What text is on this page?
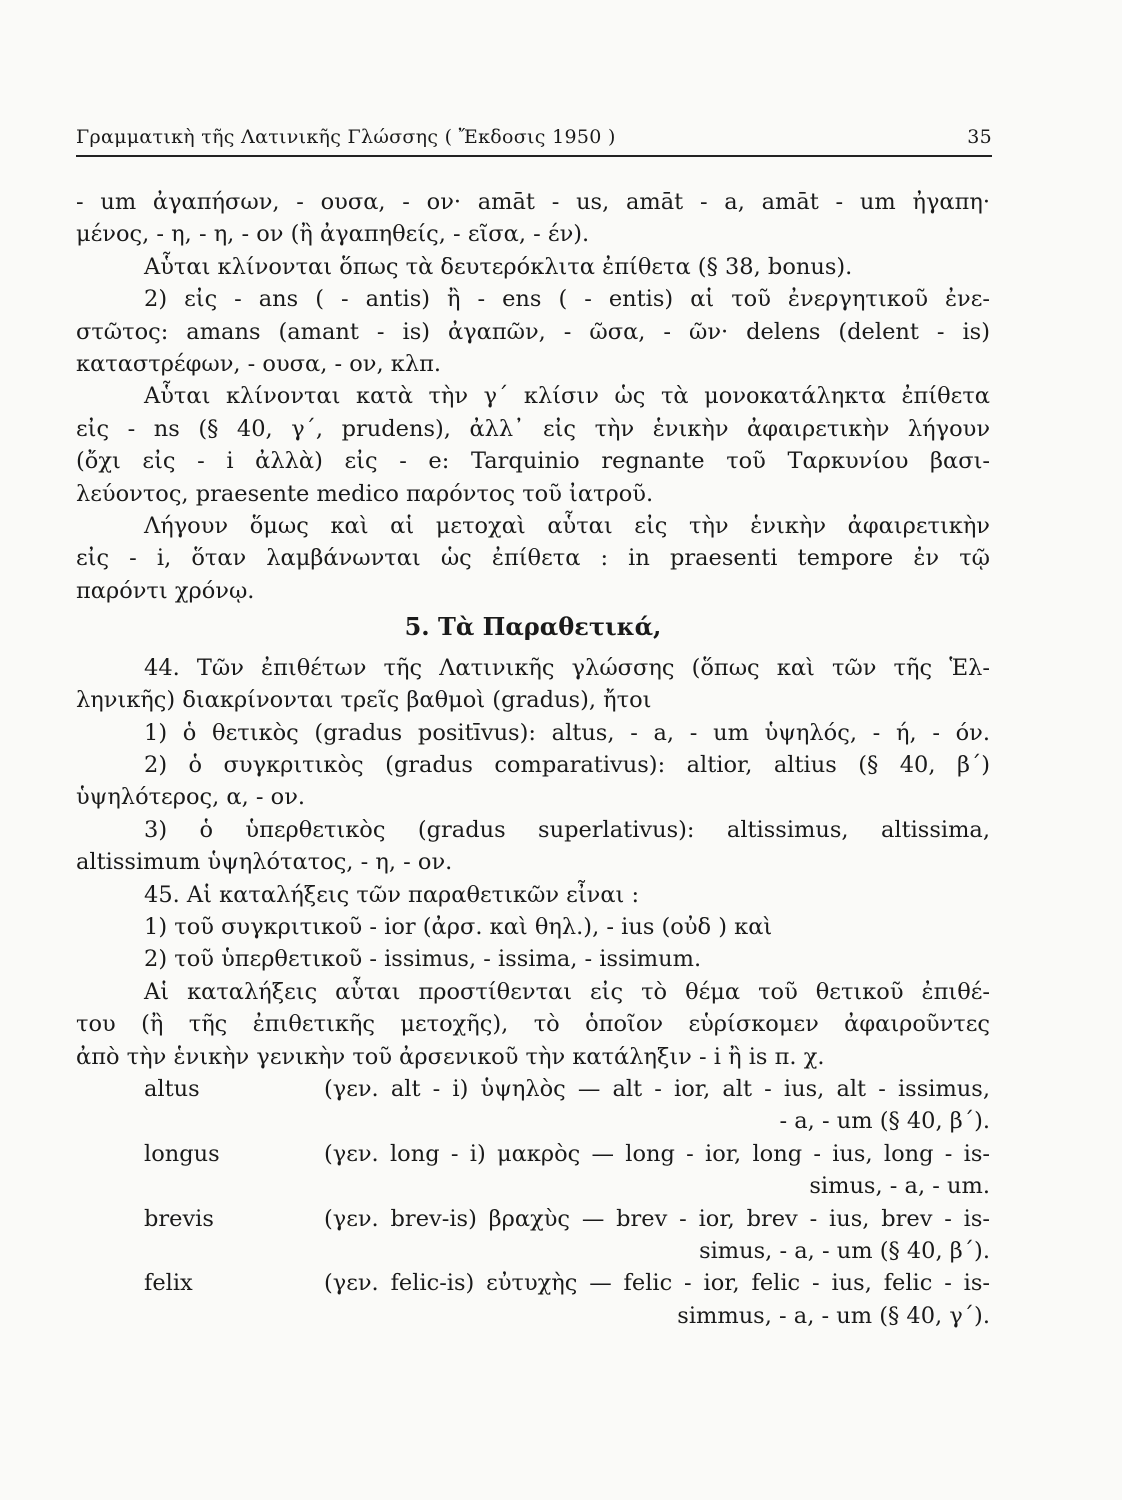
Γραμματικὴ τῆς Λατινικῆς Γλώσσης ( Ἔκδοσις 1950 )	35
- um ἀγαπήσων, - ουσα, - ον· amāt - us, amāt - a, amāt - um ἠγαπη·
μένος, - η, - η, - ον (ἢ ἀγαπηθείς, - εῖσα, - έν).
Αὗται κλίνονται ὅπως τὰ δευτερόκλιτα ἐπίθετα (§ 38, bonus).
2) εἰς - ans ( - antis) ἢ - ens ( - entis) αἱ τοῦ ἐνεργητικοῦ ἐνε-
στῶτος: amans (amant - is) ἀγαπῶν, - ῶσα, - ῶν· delens (delent - is)
καταστρέφων, - ουσα, - ον, κλπ.
Αὗται κλίνονται κατὰ τὴν γ΄ κλίσιν ὡς τὰ μονοκατάληκτα ἐπίθετα
εἰς - ns (§ 40, γ΄, prudens), ἀλλ᾽ εἰς τὴν ἑνικὴν ἀφαιρετικὴν λήγουν
(ὄχι εἰς - i ἀλλὰ) εἰς - e: Tarquinio regnante τοῦ Ταρκυνίου βασι-
λεύοντος, praesente medico παρόντος τοῦ ἰατροῦ.
Λήγουν ὅμως καὶ αἱ μετοχαὶ αὗται εἰς τὴν ἑνικὴν ἀφαιρετικὴν
εἰς - i, ὅταν λαμβάνωνται ὡς ἐπίθετα : in praesenti tempore ἐν τῷ
παρόντι χρόνῳ.
5. Τὰ Παραθετικά,
44. Τῶν ἐπιθέτων τῆς Λατινικῆς γλώσσης (ὅπως καὶ τῶν τῆς Ἑλ-
ληνικῆς) διακρίνονται τρεῖς βαθμοὶ (gradus), ἤτοι
1) ὁ θετικὸς (gradus positīvus): altus, - a, - um ὑψηλός, - ή, - όν.
2) ὁ συγκριτικὸς (gradus comparativus): altior, altius (§ 40, β΄)
ὑψηλότερος, α, - ον.
3) ὁ ὑπερθετικὸς (gradus superlativus): altissimus, altissima,
altissimum ὑψηλότατος, - η, - ον.
45. Αἱ καταλήξεις τῶν παραθετικῶν εἶναι :
1) τοῦ συγκριτικοῦ - ior (ἀρσ. καὶ θηλ.), - ius (οὐδ ) καὶ
2) τοῦ ὑπερθετικοῦ - issimus, - issima, - issimum.
Αἱ καταλήξεις αὗται προστίθενται εἰς τὸ θέμα τοῦ θετικοῦ ἐπιθέ-
του (ἢ τῆς ἐπιθετικῆς μετοχῆς), τὸ ὁποῖον εὑρίσκομεν ἀφαιροῦντες
ἀπὸ τὴν ἑνικὴν γενικὴν τοῦ ἀρσενικοῦ τὴν κατάληξιν - i ἢ is π. χ.
altus	(γεν. alt - i) ὑψηλὸς — alt - ior, alt - ius, alt - issimus,
- a, - um (§ 40, β΄).
longus	(γεν. long - i) μακρὸς — long - ior, long - ius, long - is-
simus, - a, - um.
brevis	(γεν. brev-is) βραχὺς — brev - ior, brev - ius, brev - is-
simus, - a, - um (§ 40, β΄).
felix	(γεν. felic-is) εὐτυχὴς — felic - ior, felic - ius, felic - is-
simmus, - a, - um (§ 40, γ΄).
